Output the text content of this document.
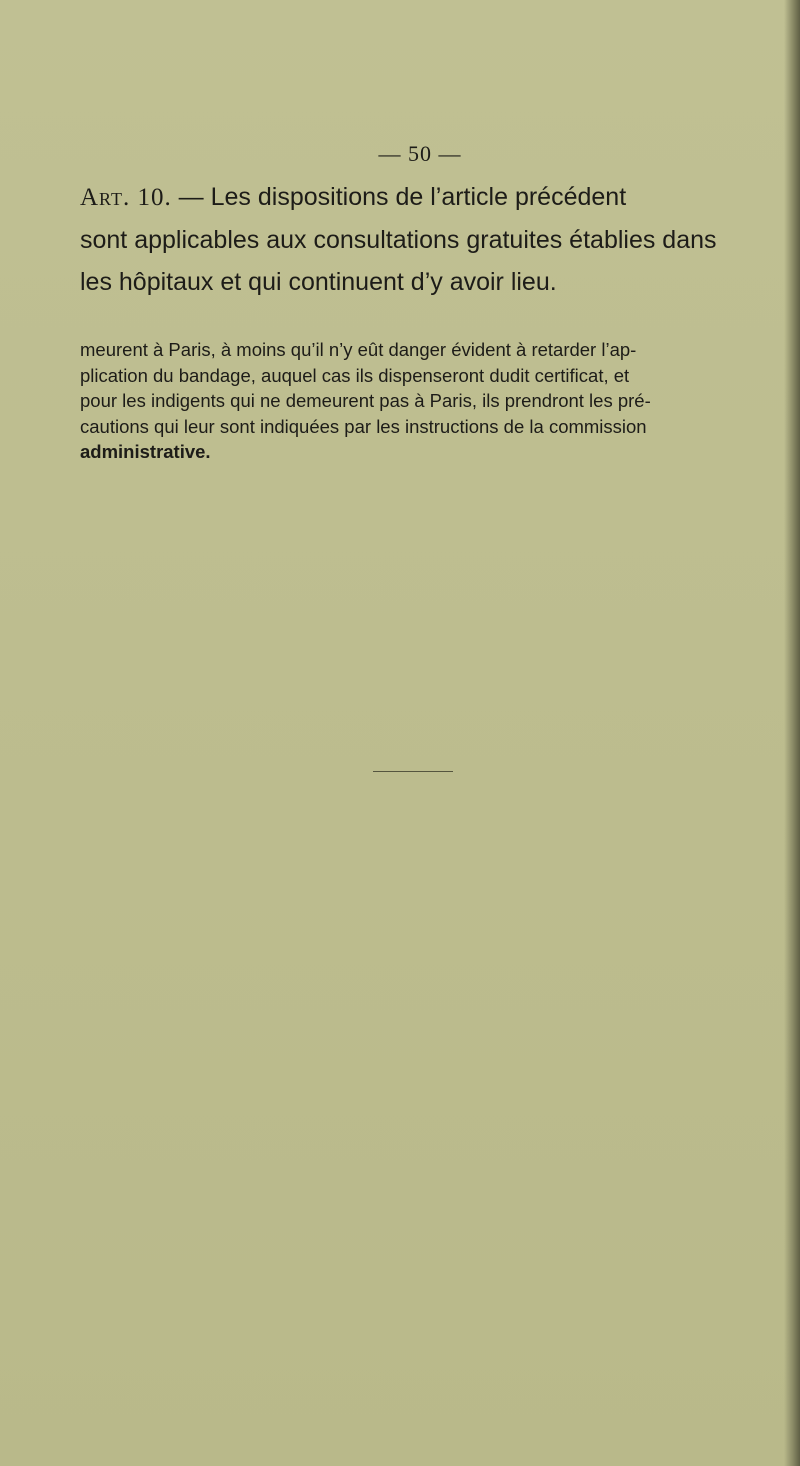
— 50 —
Art. 10. — Les dispositions de l’article précédent
sont applicables aux consultations gratuites établies dans
les hôpitaux et qui continuent d’y avoir lieu.
meurent à Paris, à moins qu’il n’y eût danger évident à retarder l’ap-
plication du bandage, auquel cas ils dispenseront dudit certificat, et
pour les indigents qui ne demeurent pas à Paris, ils prendront les pré-
cautions qui leur sont indiquées par les instructions de la commission
administrative.
